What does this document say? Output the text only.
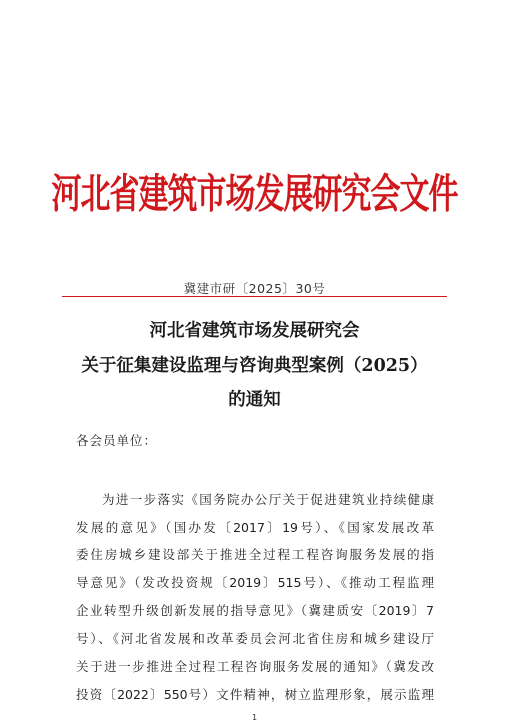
河北省建筑市场发展研究会文件
冀建市研〔2025〕30号
河北省建筑市场发展研究会
关于征集建设监理与咨询典型案例（2025）
的通知
各会员单位：
为进一步落实《国务院办公厅关于促进建筑业持续健康
发展的意见》（国办发〔2017〕19号）、《国家发展改革
委住房城乡建设部关于推进全过程工程咨询服务发展的指
导意见》（发改投资规〔2019〕515号）、《推动工程监理
企业转型升级创新发展的指导意见》（冀建质安〔2019〕7
号）、《河北省发展和改革委员会河北省住房和城乡建设厅
关于进一步推进全过程工程咨询服务发展的通知》（冀发改
投资〔2022〕550号）文件精神，树立监理形象，展示监理
1
